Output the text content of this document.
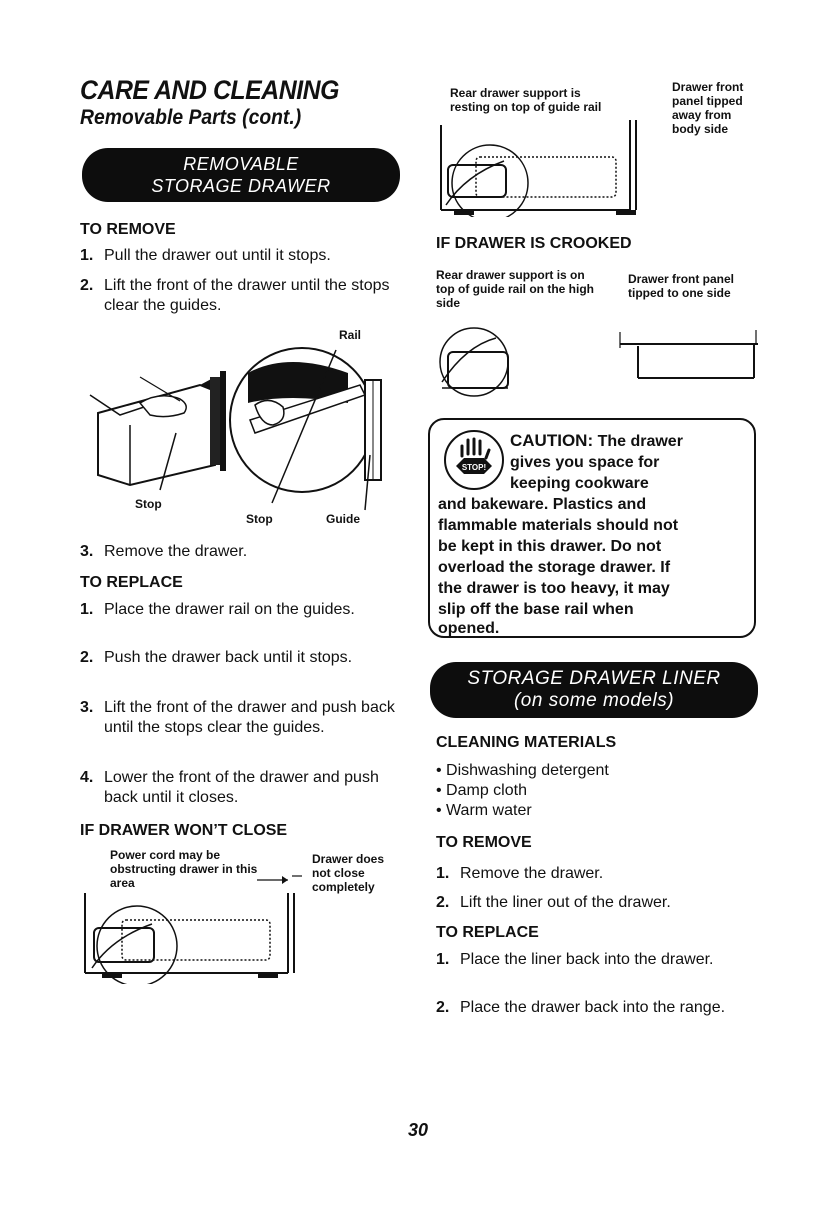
CARE AND CLEANING
Removable Parts (cont.)
REMOVABLE
STORAGE DRAWER
TO REMOVE
1. Pull the drawer out until it stops.
2. Lift the front of the drawer until the stops clear the guides.
Rail
Stop
Stop	Guide
3. Remove the drawer.
TO REPLACE
1. Place the drawer rail on the guides.
2. Push the drawer back until it stops.
3. Lift the front of the drawer and push back until the stops clear the guides.
4. Lower the front of the drawer and push back until it closes.
IF DRAWER WON’T CLOSE
Power cord may be obstructing drawer in this area
Drawer does not close completely
Rear drawer support is resting on top of guide rail
Drawer front panel tipped away from body side
IF DRAWER IS CROOKED
Rear drawer support is on top of guide rail on the high side
Drawer front panel tipped to one side
STOP!
CAUTION: The drawer
gives you space for
keeping cookware
and bakeware. Plastics and
flammable materials should not
be kept in this drawer. Do not
overload the storage drawer. If
the drawer is too heavy, it may
slip off the base rail when
opened.
STORAGE DRAWER LINER
(on some models)
CLEANING MATERIALS
• Dishwashing detergent
• Damp cloth
• Warm water
TO REMOVE
1. Remove the drawer.
2. Lift the liner out of the drawer.
TO REPLACE
1. Place the liner back into the drawer.
2. Place the drawer back into the range.
30
